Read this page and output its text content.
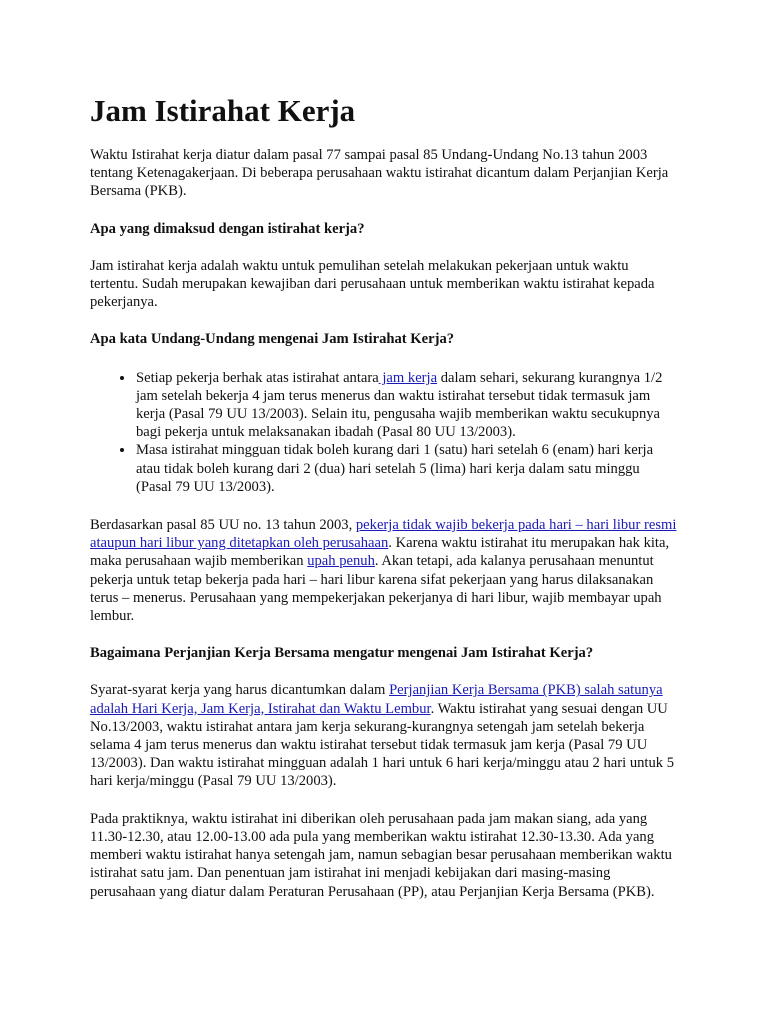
Jam Istirahat Kerja

Waktu Istirahat kerja diatur dalam pasal 77 sampai pasal 85 Undang-Undang No.13 tahun 2003 tentang Ketenagakerjaan. Di beberapa perusahaan waktu istirahat dicantum dalam Perjanjian Kerja Bersama (PKB).

Apa yang dimaksud dengan istirahat kerja?

Jam istirahat kerja adalah waktu untuk pemulihan setelah melakukan pekerjaan untuk waktu tertentu. Sudah merupakan kewajiban dari perusahaan untuk memberikan waktu istirahat kepada pekerjanya.

Apa kata Undang-Undang mengenai Jam Istirahat Kerja?

• Setiap pekerja berhak atas istirahat antara jam kerja dalam sehari, sekurang kurangnya 1/2 jam setelah bekerja 4 jam terus menerus dan waktu istirahat tersebut tidak termasuk jam kerja (Pasal 79 UU 13/2003). Selain itu, pengusaha wajib memberikan waktu secukupnya bagi pekerja untuk melaksanakan ibadah (Pasal 80 UU 13/2003).
• Masa istirahat mingguan tidak boleh kurang dari 1 (satu) hari setelah 6 (enam) hari kerja atau tidak boleh kurang dari 2 (dua) hari setelah 5 (lima) hari kerja dalam satu minggu (Pasal 79 UU 13/2003).

Berdasarkan pasal 85 UU no. 13 tahun 2003, pekerja tidak wajib bekerja pada hari – hari libur resmi ataupun hari libur yang ditetapkan oleh perusahaan. Karena waktu istirahat itu merupakan hak kita, maka perusahaan wajib memberikan upah penuh. Akan tetapi, ada kalanya perusahaan menuntut pekerja untuk tetap bekerja pada hari – hari libur karena sifat pekerjaan yang harus dilaksanakan terus – menerus. Perusahaan yang mempekerjakan pekerjanya di hari libur, wajib membayar upah lembur.

Bagaimana Perjanjian Kerja Bersama mengatur mengenai Jam Istirahat Kerja?

Syarat-syarat kerja yang harus dicantumkan dalam Perjanjian Kerja Bersama (PKB) salah satunya adalah Hari Kerja, Jam Kerja, Istirahat dan Waktu Lembur. Waktu istirahat yang sesuai dengan UU No.13/2003, waktu istirahat antara jam kerja sekurang-kurangnya setengah jam setelah bekerja selama 4 jam terus menerus dan waktu istirahat tersebut tidak termasuk jam kerja (Pasal 79 UU 13/2003). Dan waktu istirahat mingguan adalah 1 hari untuk 6 hari kerja/minggu atau 2 hari untuk 5 hari kerja/minggu (Pasal 79 UU 13/2003).

Pada praktiknya, waktu istirahat ini diberikan oleh perusahaan pada jam makan siang, ada yang 11.30-12.30, atau 12.00-13.00 ada pula yang memberikan waktu istirahat 12.30-13.30. Ada yang memberi waktu istirahat hanya setengah jam, namun sebagian besar perusahaan memberikan waktu istirahat satu jam. Dan penentuan jam istirahat ini menjadi kebijakan dari masing-masing perusahaan yang diatur dalam Peraturan Perusahaan (PP), atau Perjanjian Kerja Bersama (PKB).
